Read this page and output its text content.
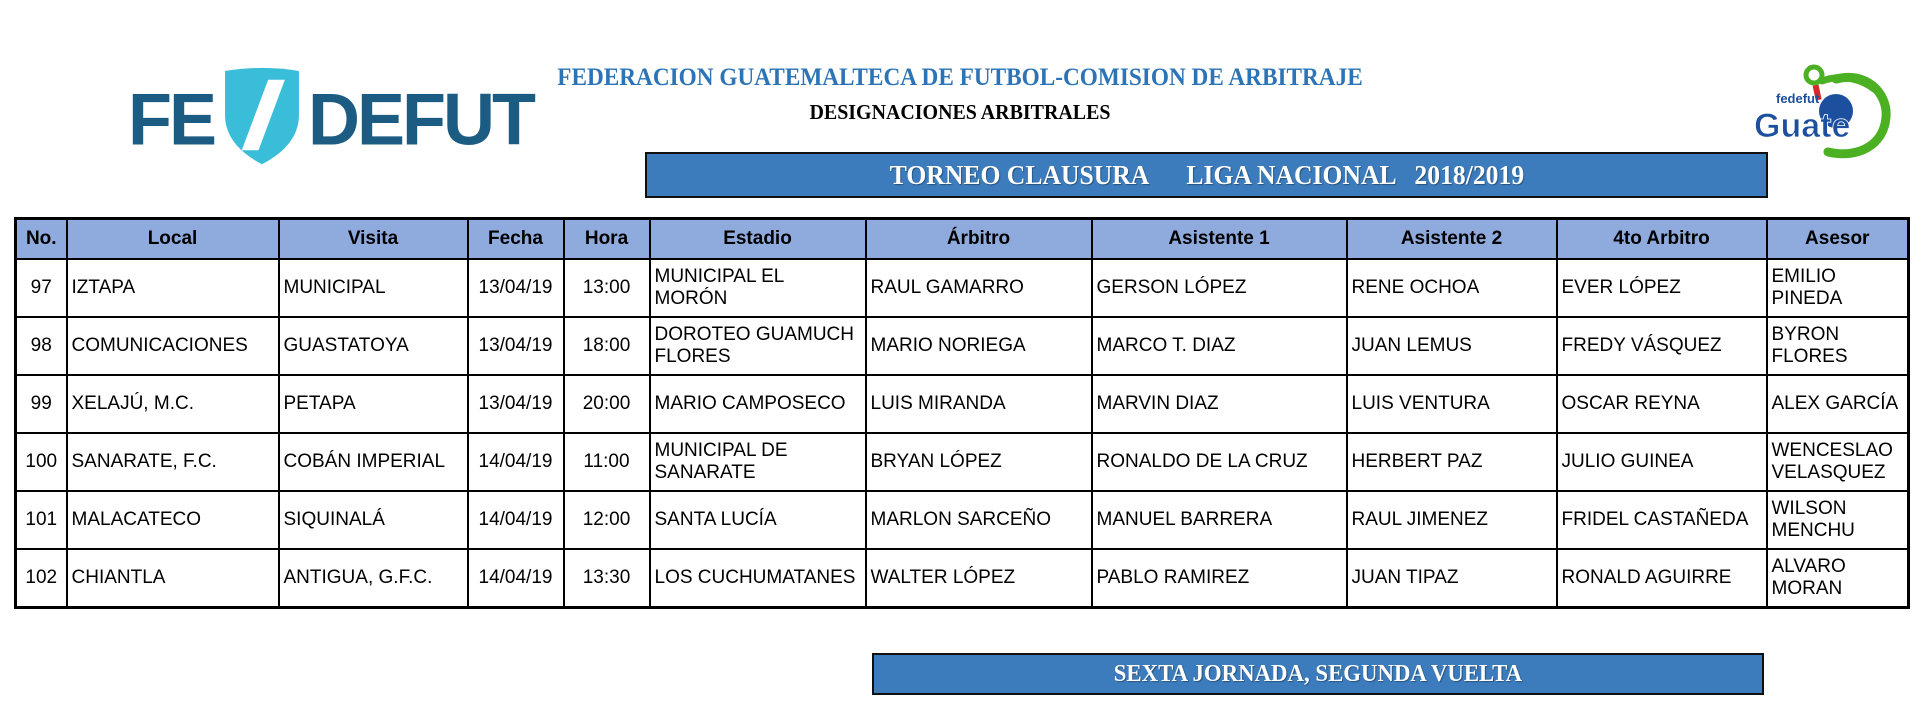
FE DEFUT
FEDERACION GUATEMALTECA DE FUTBOL-COMISION DE ARBITRAJE
DESIGNACIONES ARBITRALES
fedefut
Guate
TORNEO CLAUSURA      LIGA NACIONAL   2018/2019
No.	Local	Visita	Fecha	Hora	Estadio	Árbitro	Asistente 1	Asistente 2	4to Arbitro	Asesor
97	IZTAPA	MUNICIPAL	13/04/19	13:00	MUNICIPAL EL MORÓN	RAUL GAMARRO	GERSON LÓPEZ	RENE OCHOA	EVER LÓPEZ	EMILIO PINEDA
98	COMUNICACIONES	GUASTATOYA	13/04/19	18:00	DOROTEO GUAMUCH FLORES	MARIO NORIEGA	MARCO T. DIAZ	JUAN LEMUS	FREDY VÁSQUEZ	BYRON FLORES
99	XELAJÚ, M.C.	PETAPA	13/04/19	20:00	MARIO CAMPOSECO	LUIS MIRANDA	MARVIN DIAZ	LUIS VENTURA	OSCAR REYNA	ALEX GARCÍA
100	SANARATE, F.C.	COBÁN IMPERIAL	14/04/19	11:00	MUNICIPAL DE SANARATE	BRYAN LÓPEZ	RONALDO DE LA CRUZ	HERBERT PAZ	JULIO GUINEA	WENCESLAO VELASQUEZ
101	MALACATECO	SIQUINALÁ	14/04/19	12:00	SANTA LUCÍA	MARLON SARCEÑO	MANUEL BARRERA	RAUL JIMENEZ	FRIDEL CASTAÑEDA	WILSON MENCHU
102	CHIANTLA	ANTIGUA, G.F.C.	14/04/19	13:30	LOS CUCHUMATANES	WALTER LÓPEZ	PABLO RAMIREZ	JUAN TIPAZ	RONALD AGUIRRE	ALVARO MORAN
SEXTA JORNADA, SEGUNDA VUELTA
